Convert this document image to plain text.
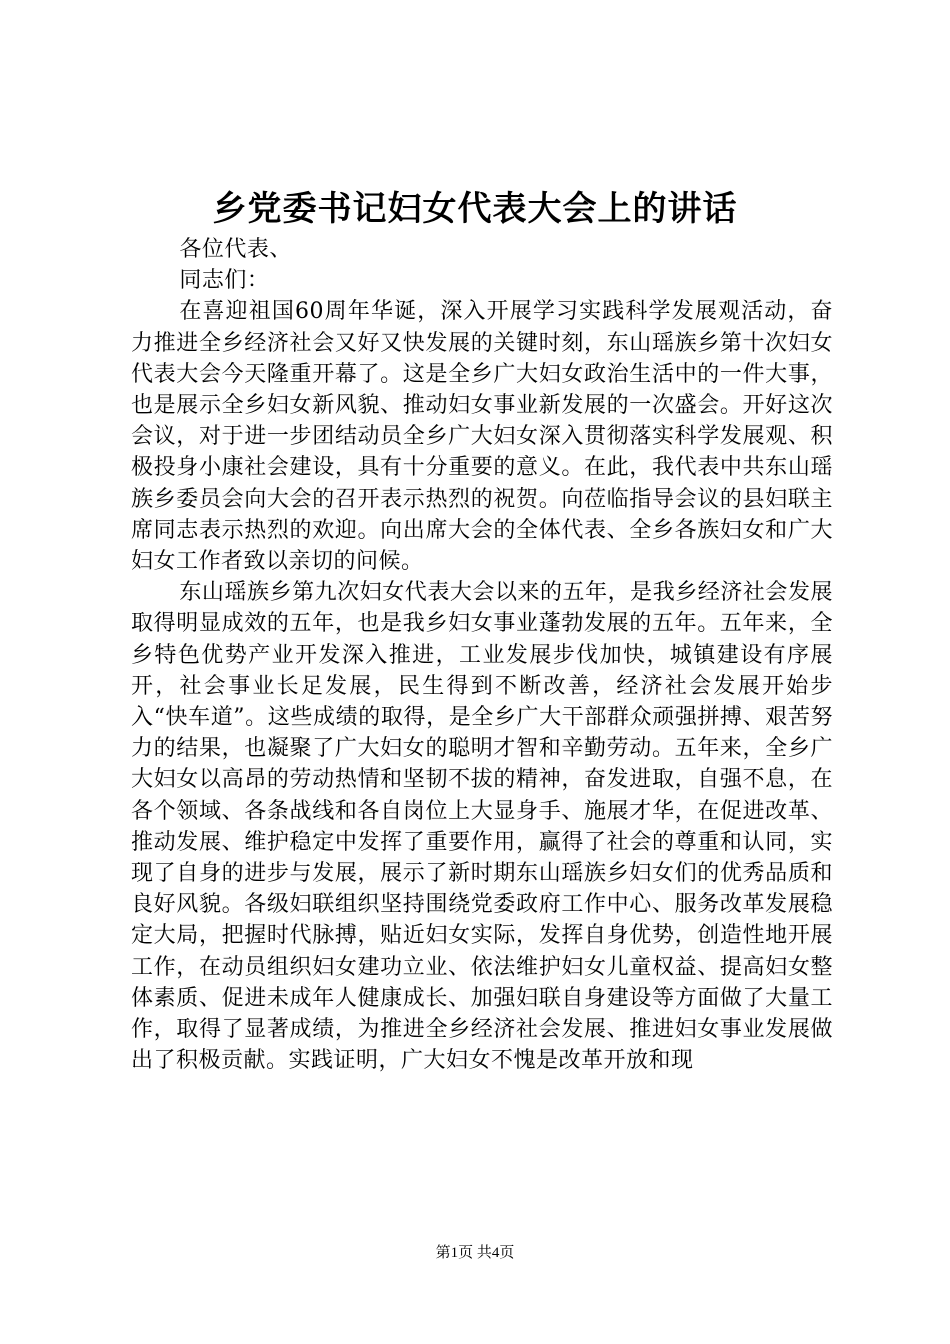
乡党委书记妇女代表大会上的讲话
各位代表、
同志们：

在喜迎祖国60周年华诞，深入开展学习实践科学发展观活动，奋力推进全乡经济社会又好又快发展的关键时刻，东山瑶族乡第十次妇女代表大会今天隆重开幕了。这是全乡广大妇女政治生活中的一件大事，也是展示全乡妇女新风貌、推动妇女事业新发展的一次盛会。开好这次会议，对于进一步团结动员全乡广大妇女深入贯彻落实科学发展观、积极投身小康社会建设，具有十分重要的意义。在此，我代表中共东山瑶族乡委员会向大会的召开表示热烈的祝贺。向莅临指导会议的县妇联主席同志表示热烈的欢迎。向出席大会的全体代表、全乡各族妇女和广大妇女工作者致以亲切的问候。

东山瑶族乡第九次妇女代表大会以来的五年，是我乡经济社会发展取得明显成效的五年，也是我乡妇女事业蓬勃发展的五年。五年来，全乡特色优势产业开发深入推进，工业发展步伐加快，城镇建设有序展开，社会事业长足发展，民生得到不断改善，经济社会发展开始步入“快车道”。这些成绩的取得，是全乡广大干部群众顽强拼搏、艰苦努力的结果，也凝聚了广大妇女的聪明才智和辛勤劳动。五年来，全乡广大妇女以高昂的劳动热情和坚韧不拔的精神，奋发进取，自强不息，在各个领域、各条战线和各自岗位上大显身手、施展才华，在促进改革、推动发展、维护稳定中发挥了重要作用，赢得了社会的尊重和认同，实现了自身的进步与发展，展示了新时期东山瑶族乡妇女们的优秀品质和良好风貌。各级妇联组织坚持围绕党委政府工作中心、服务改革发展稳定大局，把握时代脉搏，贴近妇女实际，发挥自身优势，创造性地开展工作，在动员组织妇女建功立业、依法维护妇女儿童权益、提高妇女整体素质、促进未成年人健康成长、加强妇联自身建设等方面做了大量工作，取得了显著成绩，为推进全乡经济社会发展、推进妇女事业发展做出了积极贡献。实践证明，广大妇女不愧是改革开放和现

第1页 共4页
